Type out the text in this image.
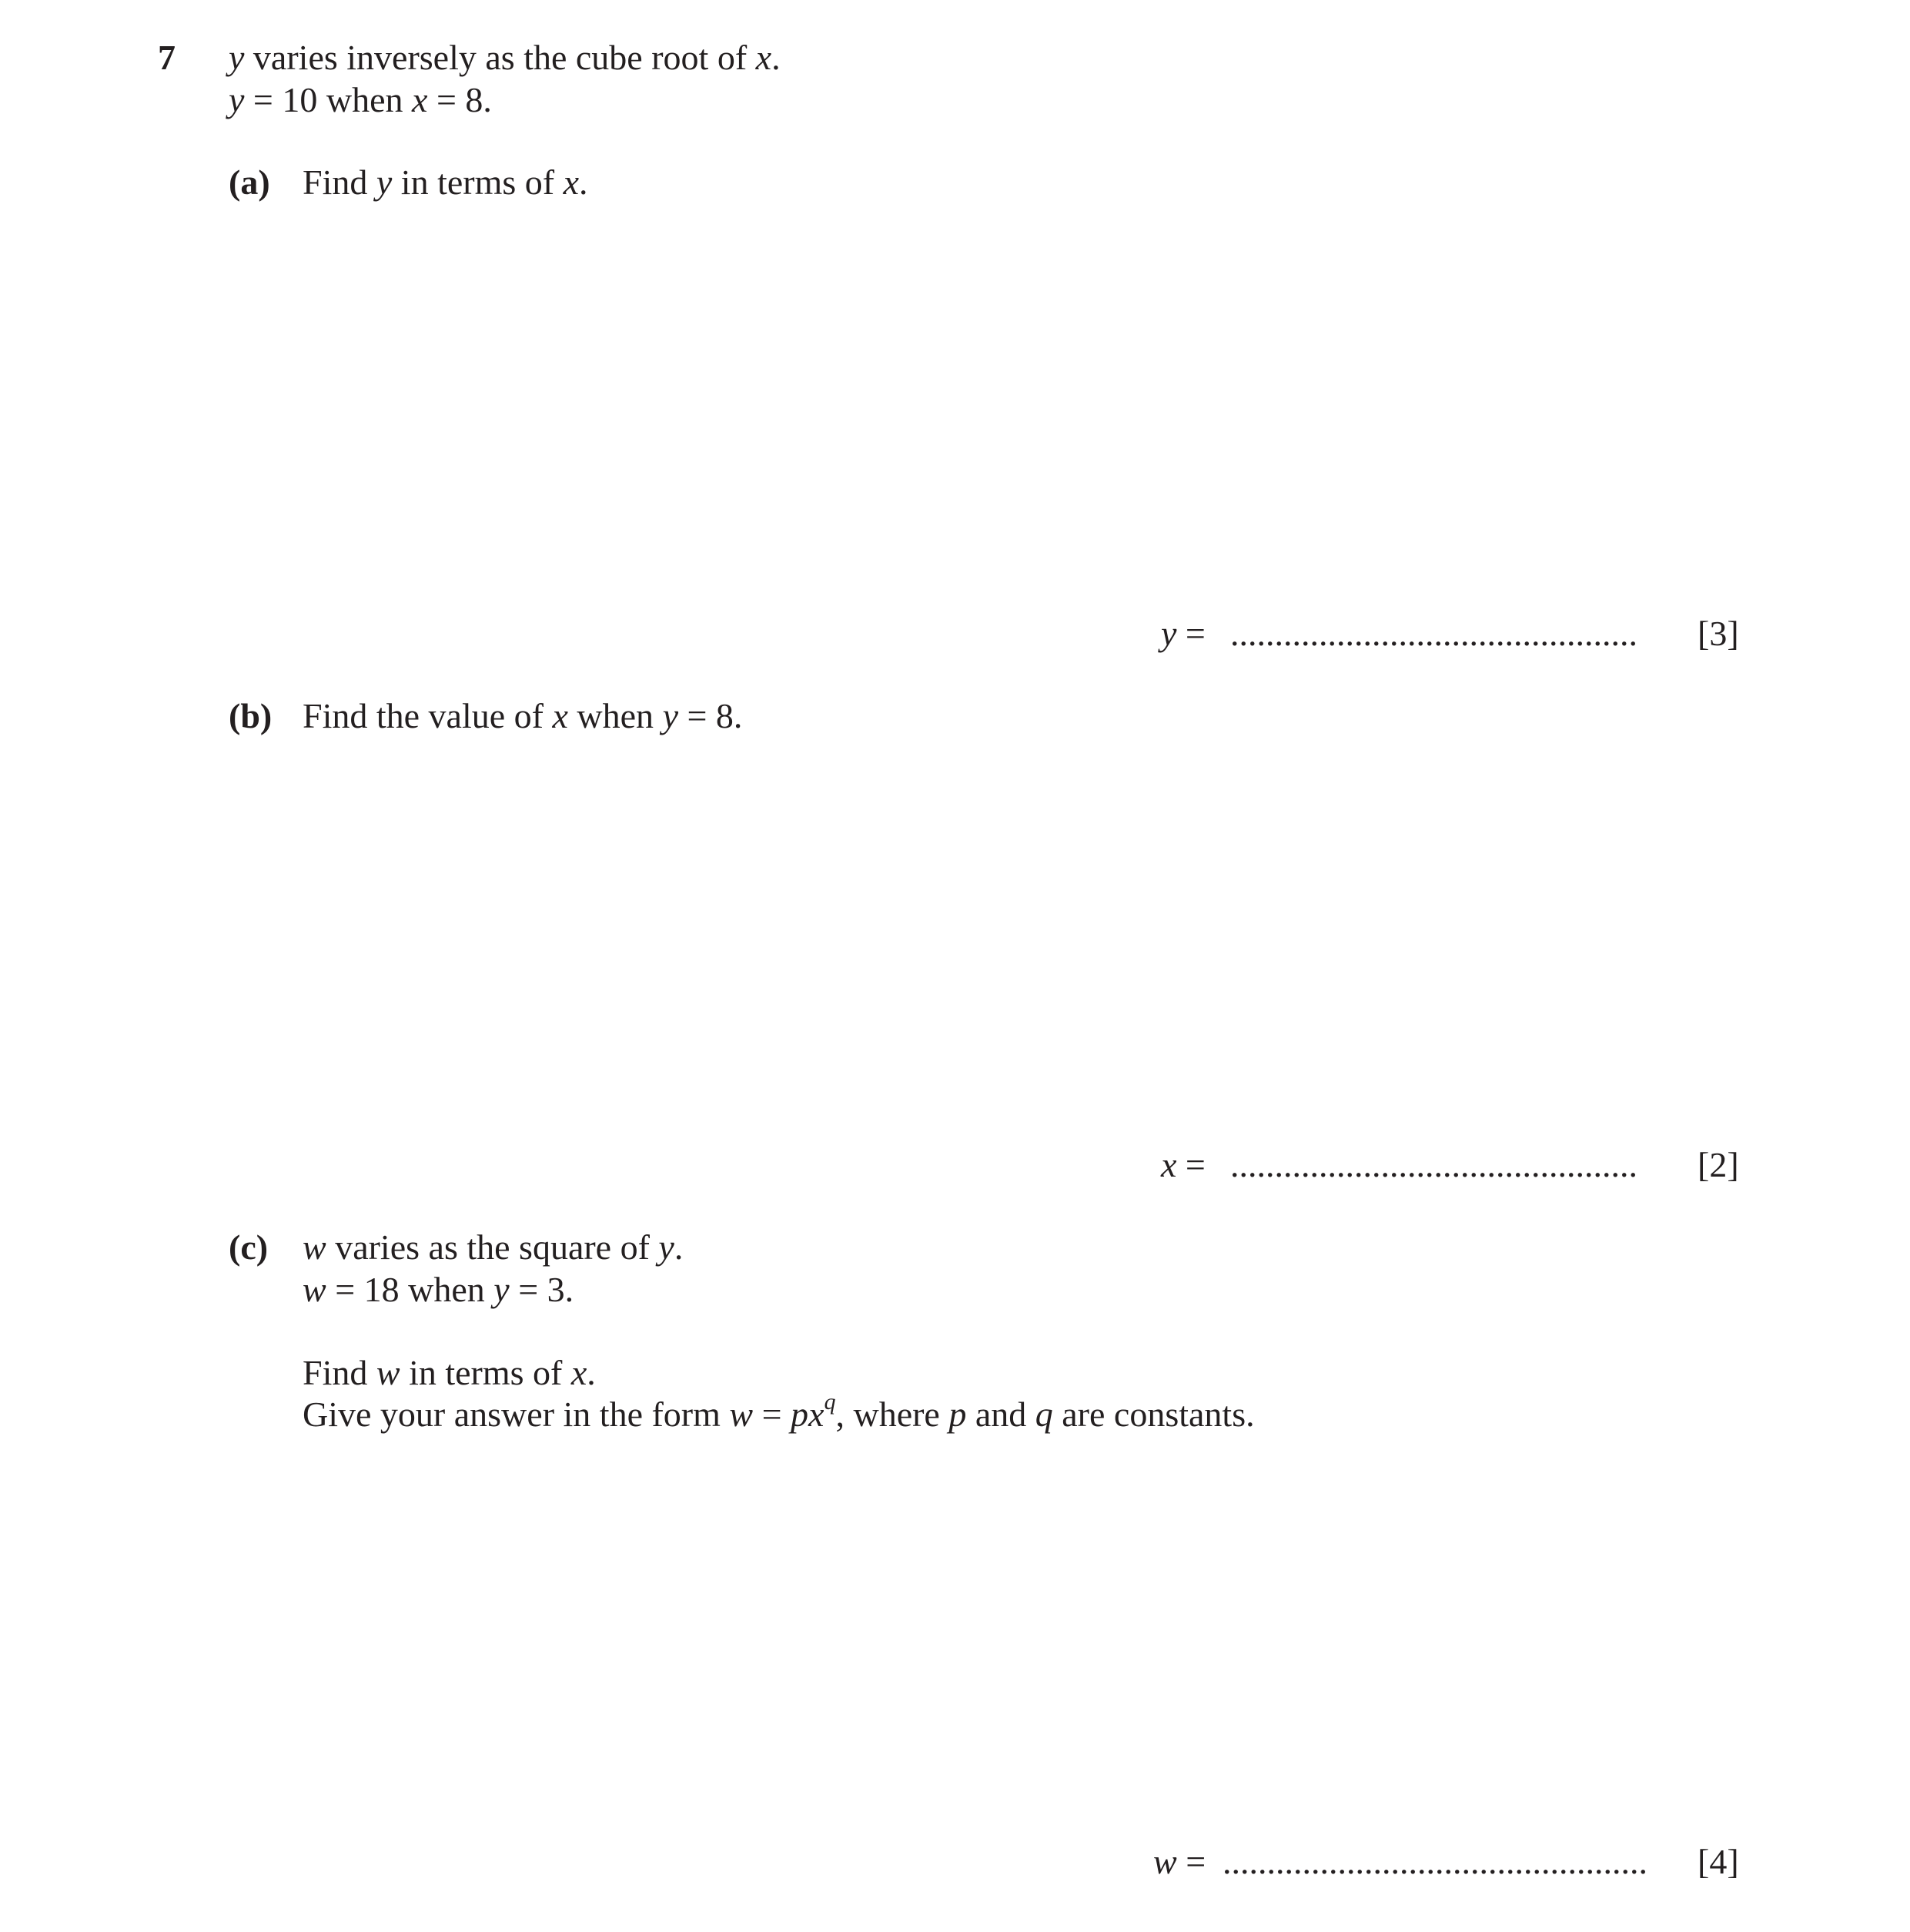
7 y varies inversely as the cube root of x.
y = 10 when x = 8.
(a) Find y in terms of x.
y = .............................................. [3]
(b) Find the value of x when y = 8.
x = .............................................. [2]
(c) w varies as the square of y.
w = 18 when y = 3.
Find w in terms of x.
Give your answer in the form $w = px^q$, where p and q are constants.
w = ................................................ [4]
